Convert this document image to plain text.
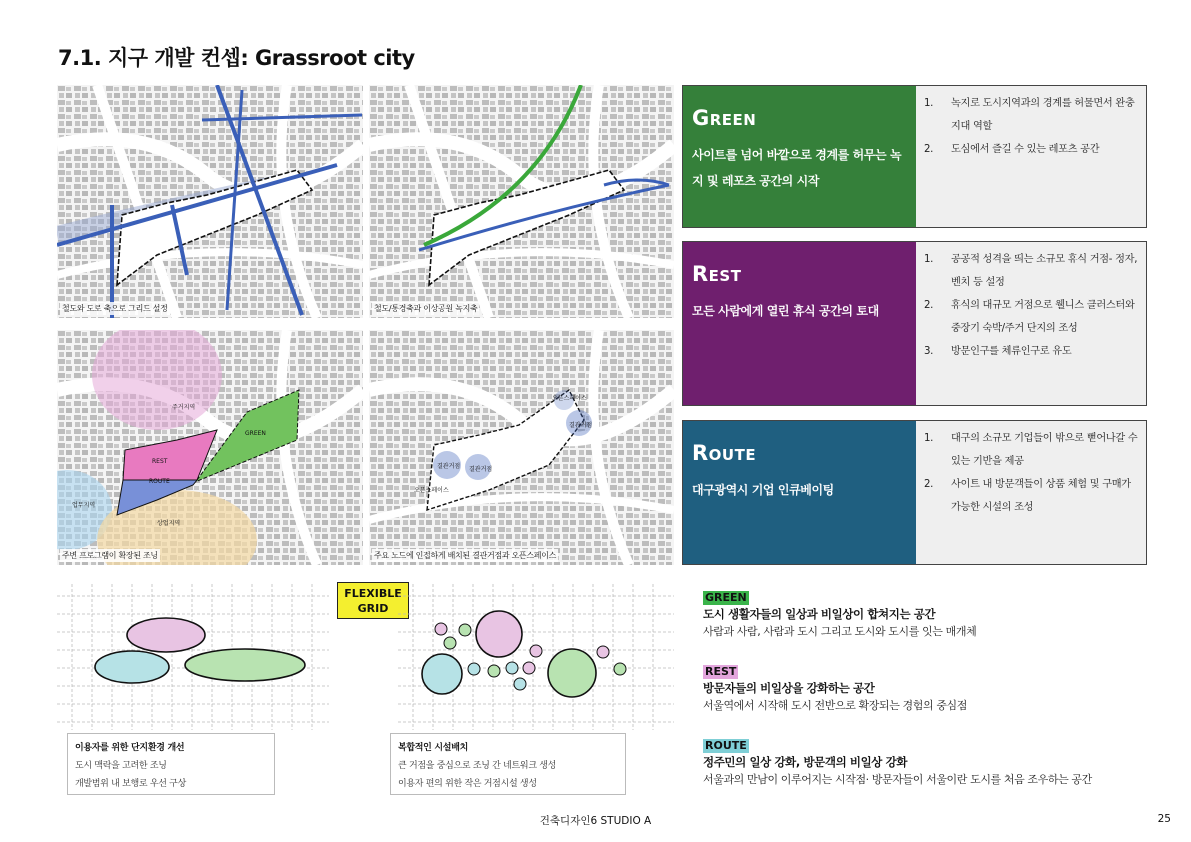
7.1. 지구 개발 컨셉: Grassroot city
철도와 도로 축으로 그리드 설정	철도/통경축과 이상공원 녹지축
주거지역
GREEN
REST
ROUTE
업무지역
상업지역
주변 프로그램이 확장된 조닝
오픈스페이스
결관거점
결관거점 결관거점
오픈스페이스
주요 노드에 인접하게 배치된 결관거점과 오픈스페이스
Green
사이트를 넘어 바깥으로 경계를 허무는 녹지 및 레포츠 공간의 시작
1.	녹지로 도시지역과의 경계를 허물면서 완충지대 역할
2.	도심에서 즐길 수 있는 레포츠 공간
Rest
모든 사람에게 열린 휴식 공간의 토대
1.	공공적 성격을 띄는 소규모 휴식 거점- 정자, 벤치 등 설정
2.	휴식의 대규모 거점으로 웰니스 클러스터와 중장기 숙박/주거 단지의 조성
3.	방문인구를 체류인구로 유도
Route
대구광역시 기업 인큐베이팅
1.	대구의 소규모 기업들이 밖으로 뻗어나갈 수 있는 기반을 제공
2.	사이트 내 방문객들이 상품 체험 및 구매가 가능한 시설의 조성
FLEXIBLE
GRID
이용자를 위한 단지환경 개선
도시 맥락을 고려한 조닝
개발범위 내 보행로 우선 구상
복합적인 시설배치
큰 거점을 중심으로 조닝 간 네트워크 생성
이용자 편의 위한 작은 거점시설 생성
GREEN
도시 생활자들의 일상과 비일상이 합쳐지는 공간
사람과 사람, 사람과 도시 그리고 도시와 도시를 잇는 매개체
REST
방문자들의 비일상을 강화하는 공간
서울역에서 시작해 도시 전반으로 확장되는 경험의 중심점
ROUTE
정주민의 일상 강화, 방문객의 비일상 강화
서울과의 만남이 이루어지는 시작점· 방문자들이 서울이란 도시를 처음 조우하는 공간
건축디자인6 STUDIO A	25
